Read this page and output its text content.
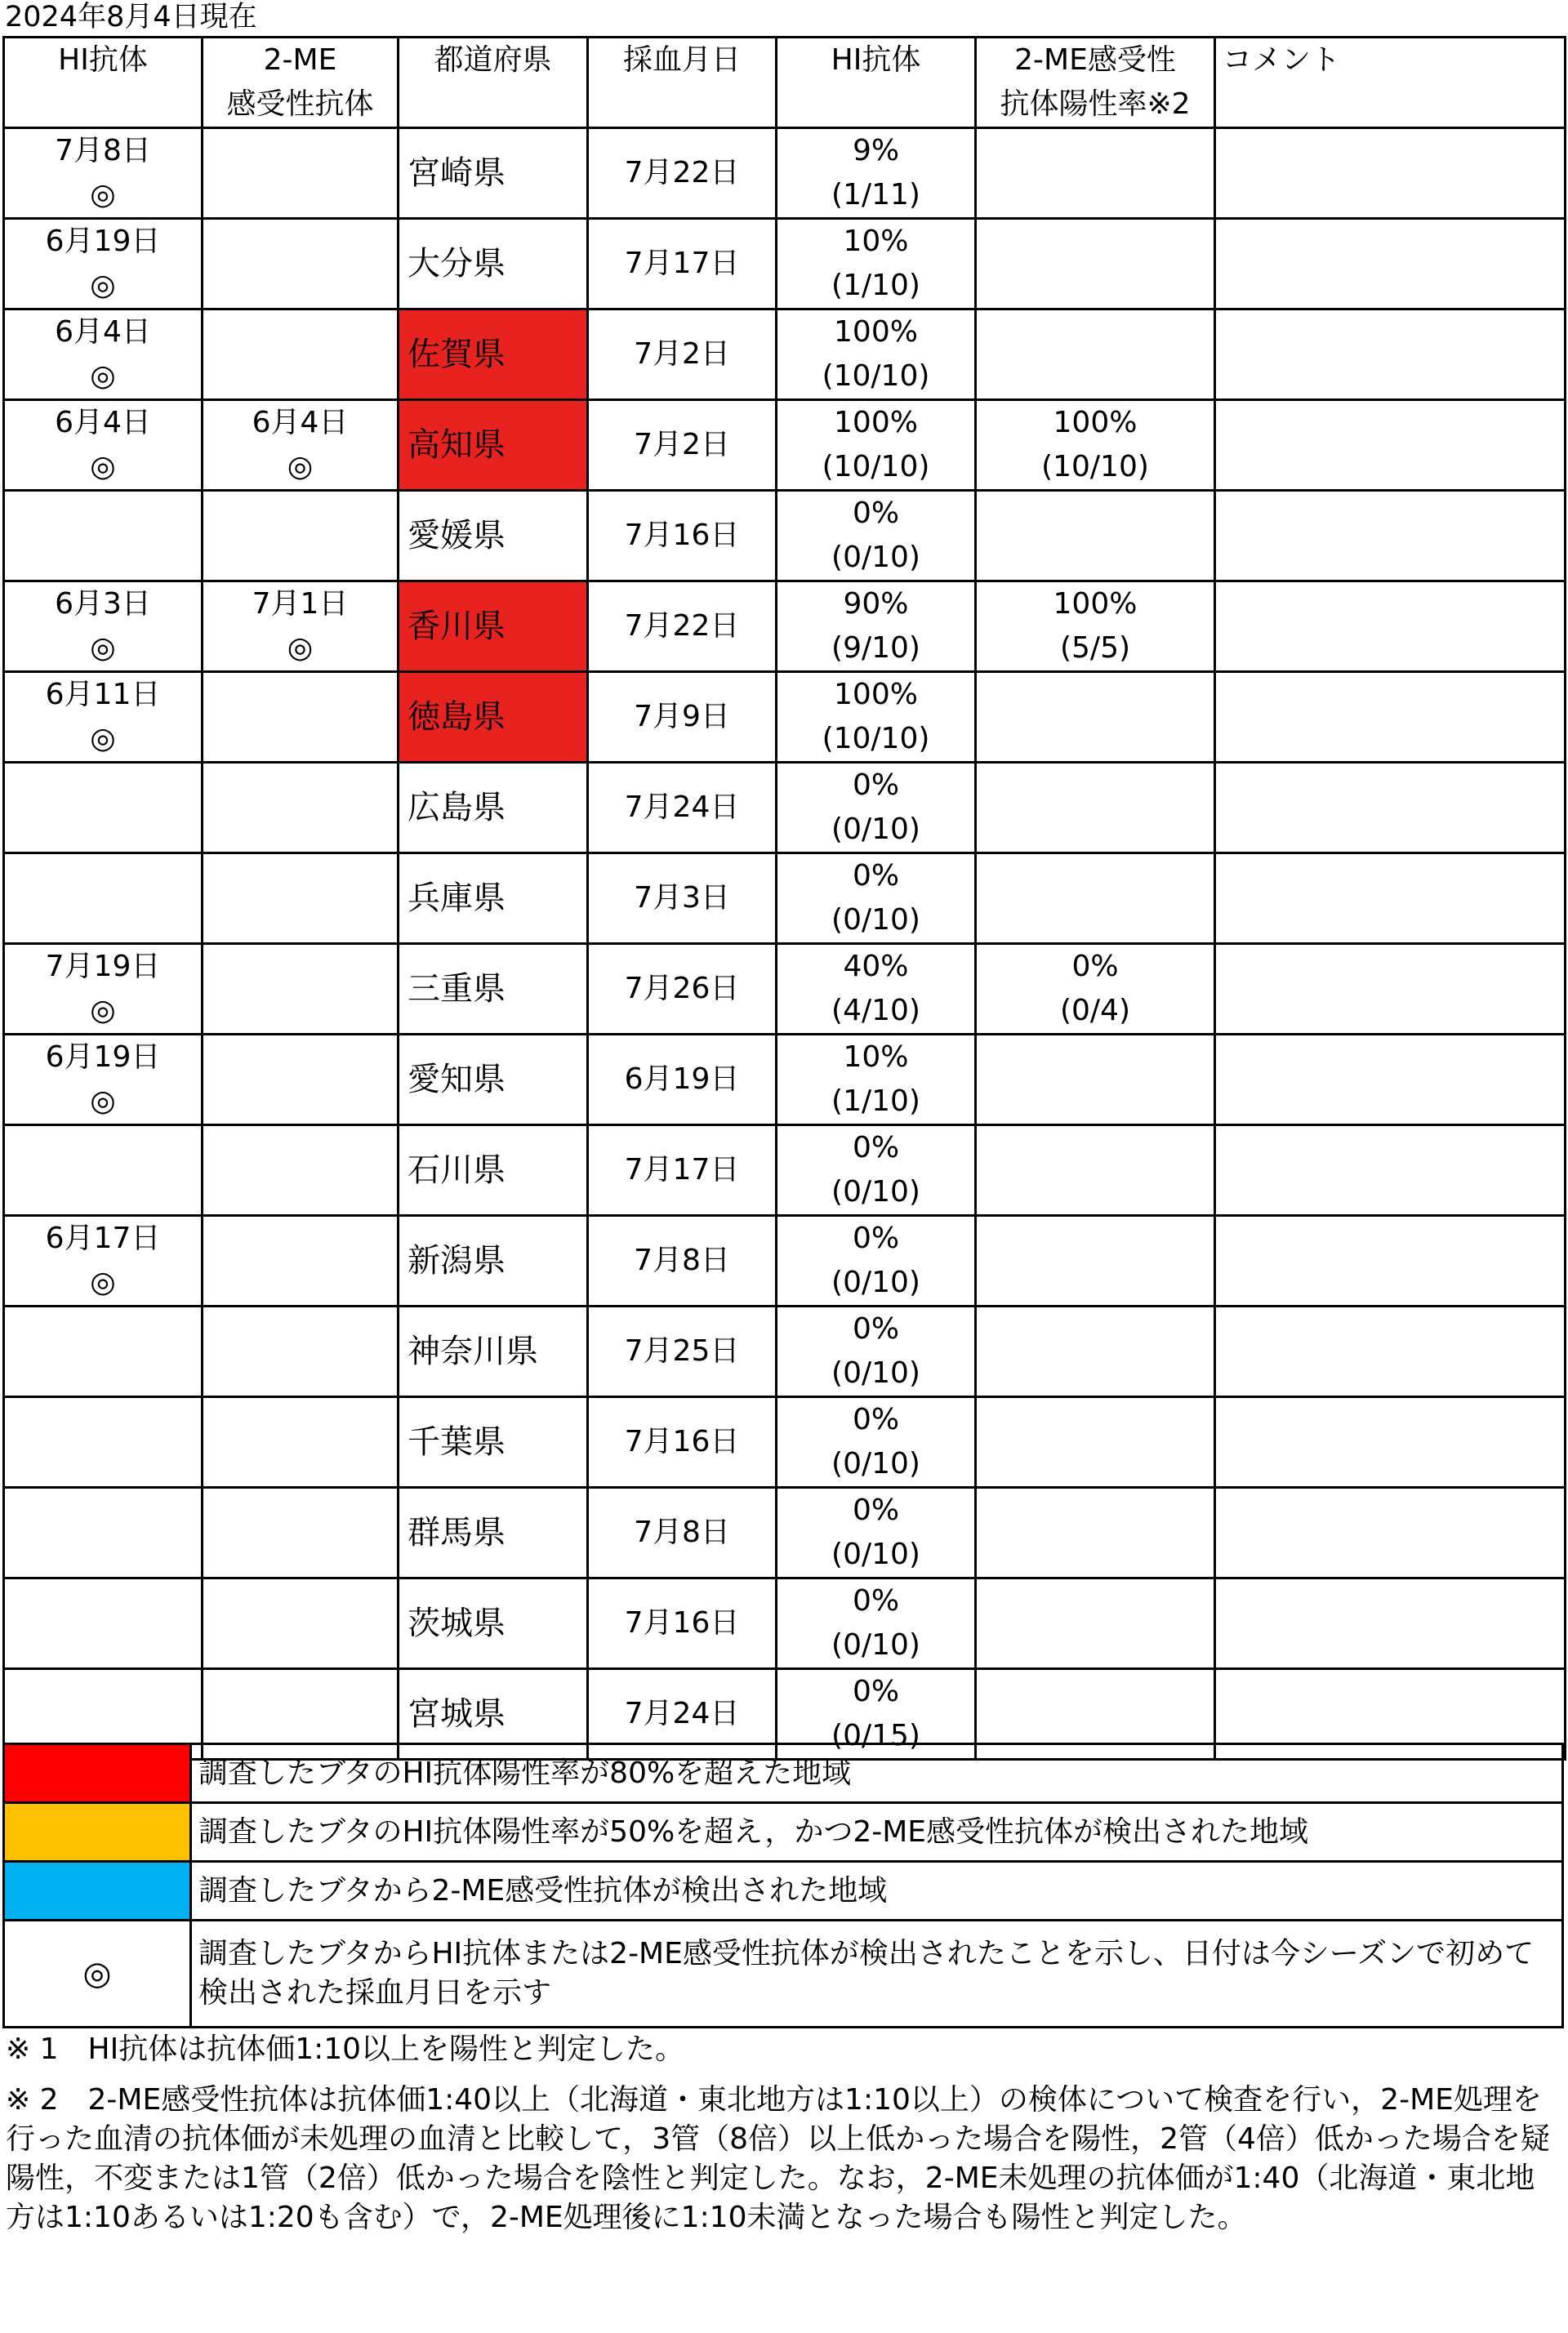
2024年8月4日現在
HI抗体	2-ME
感受性抗体	都道府県	採血月日	HI抗体	2-ME感受性
抗体陽性率※2	コメント
7月8日
◎		宮崎県	7月22日	9%
(1/11)	

6月19日
◎		大分県	7月17日	10%
(1/10)	

6月4日
◎		佐賀県	7月2日	100%
(10/10)	

6月4日
◎	6月4日
◎	高知県	7月2日	100%
(10/10)	100%
(10/10)	

	愛媛県	7月16日	0%
(0/10)	

6月3日
◎	7月1日
◎	香川県	7月22日	90%
(9/10)	100%
(5/5)	
6月11日
◎		徳島県	7月9日	100%
(10/10)	

	広島県	7月24日	0%
(0/10)	

	兵庫県	7月3日	0%
(0/10)	

7月19日
◎		三重県	7月26日	40%
(4/10)	0%
(0/4)	
6月19日
◎		愛知県	6月19日	10%
(1/10)	

	石川県	7月17日	0%
(0/10)	

6月17日
◎		新潟県	7月8日	0%
(0/10)	

	神奈川県	7月25日	0%
(0/10)	

	千葉県	7月16日	0%
(0/10)	

	群馬県	7月8日	0%
(0/10)	

	茨城県	7月16日	0%
(0/10)	

	宮城県	7月24日	0%
(0/15)	

	調査したブタのHI抗体陽性率が80%を超えた地域
	調査したブタのHI抗体陽性率が50%を超え，かつ2-ME感受性抗体が検出された地域
	調査したブタから2-ME感受性抗体が検出された地域
◎	調査したブタからHI抗体または2-ME感受性抗体が検出されたことを示し、日付は今シーズンで初めて検出された採血月日を示す

※ 1　HI抗体は抗体価1:10以上を陽性と判定した。

※ 2　2-ME感受性抗体は抗体価1:40以上（北海道・東北地方は1:10以上）の検体について検査を行い，2-ME処理を行った血清の抗体価が未処理の血清と比較して，3管（8倍）以上低かった場合を陽性，2管（4倍）低かった場合を疑陽性，不変または1管（2倍）低かった場合を陰性と判定した。なお，2-ME未処理の抗体価が1:40（北海道・東北地方は1:10あるいは1:20も含む）で，2-ME処理後に1:10未満となった場合も陽性と判定した。
